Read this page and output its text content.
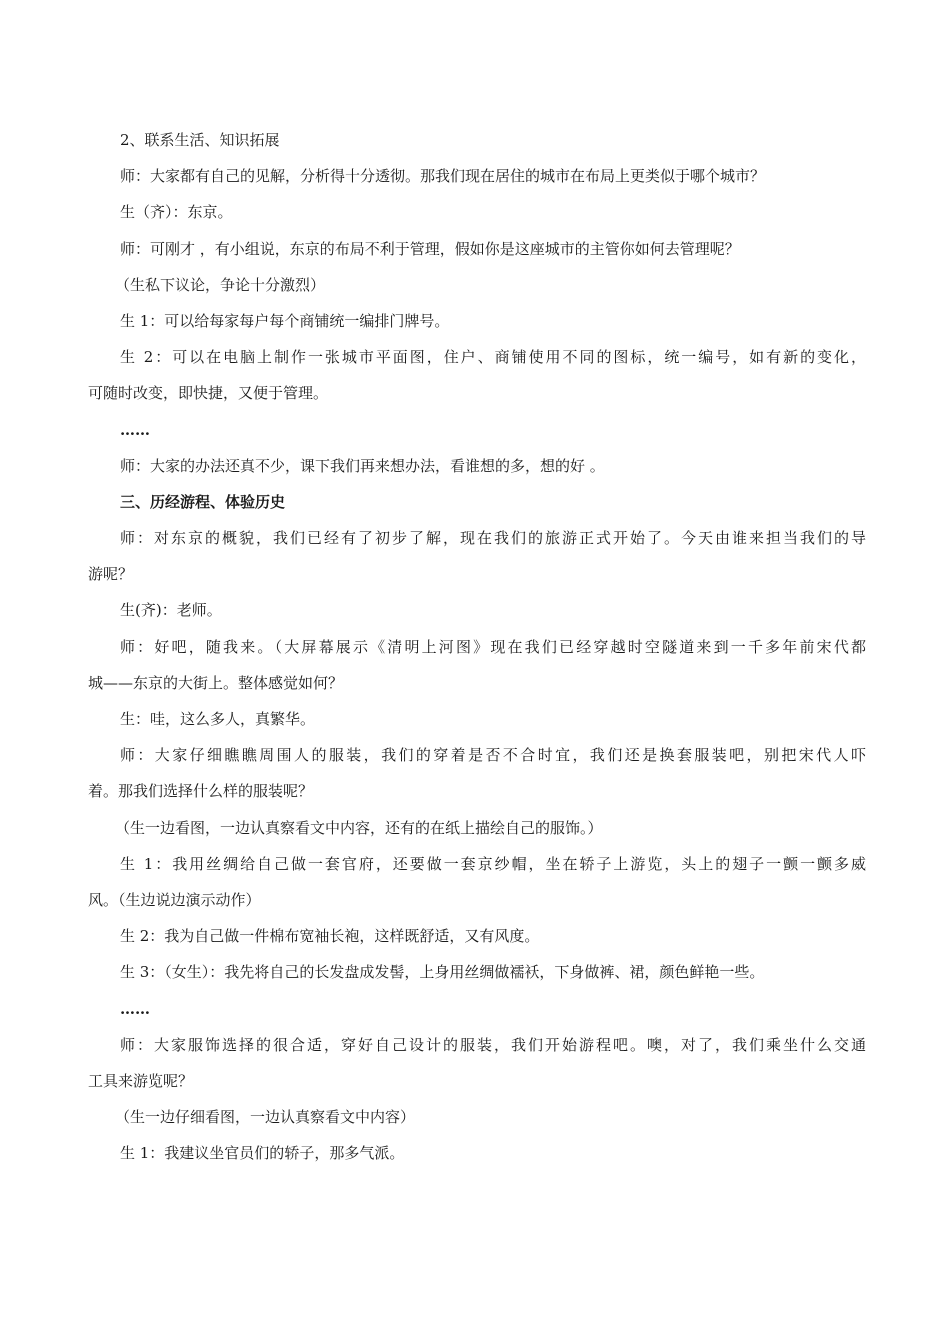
2、联系生活、知识拓展
师：大家都有自己的见解，分析得十分透彻。那我们现在居住的城市在布局上更类似于哪个城市？
生（齐）：东京。
师：可刚才 ，有小组说，东京的布局不利于管理，假如你是这座城市的主管你如何去管理呢？
（生私下议论，争论十分激烈）
生 1：可以给每家每户每个商铺统一编排门牌号。
生 2：可以在电脑上制作一张城市平面图，住户、商铺使用不同的图标，统一编号，如有新的变化，
可随时改变，即快捷，又便于管理。
……
师：大家的办法还真不少，课下我们再来想办法，看谁想的多，想的好 。
三、历经游程、体验历史
师：对东京的概貌，我们已经有了初步了解，现在我们的旅游正式开始了。今天由谁来担当我们的导
游呢？
生(齐)：老师。
师：好吧，随我来。（大屏幕展示《清明上河图》现在我们已经穿越时空隧道来到一千多年前宋代都
城——东京的大街上。整体感觉如何？
生：哇，这么多人，真繁华。
师：大家仔细瞧瞧周围人的服装，我们的穿着是否不合时宜，我们还是换套服装吧，别把宋代人吓
着。那我们选择什么样的服装呢？
（生一边看图，一边认真察看文中内容，还有的在纸上描绘自己的服饰。）
生 1：我用丝绸给自己做一套官府，还要做一套京纱帽，坐在轿子上游览，头上的翅子一颤一颤多威
风。（生边说边演示动作）
生 2：我为自己做一件棉布宽袖长袍，这样既舒适，又有风度。
生 3：（女生）：我先将自己的长发盘成发髻，上身用丝绸做襦袄，下身做裤、裙，颜色鲜艳一些。
……
师：大家服饰选择的很合适，穿好自己设计的服装，我们开始游程吧。噢，对了，我们乘坐什么交通
工具来游览呢？
（生一边仔细看图，一边认真察看文中内容）
生 1：我建议坐官员们的轿子，那多气派。
